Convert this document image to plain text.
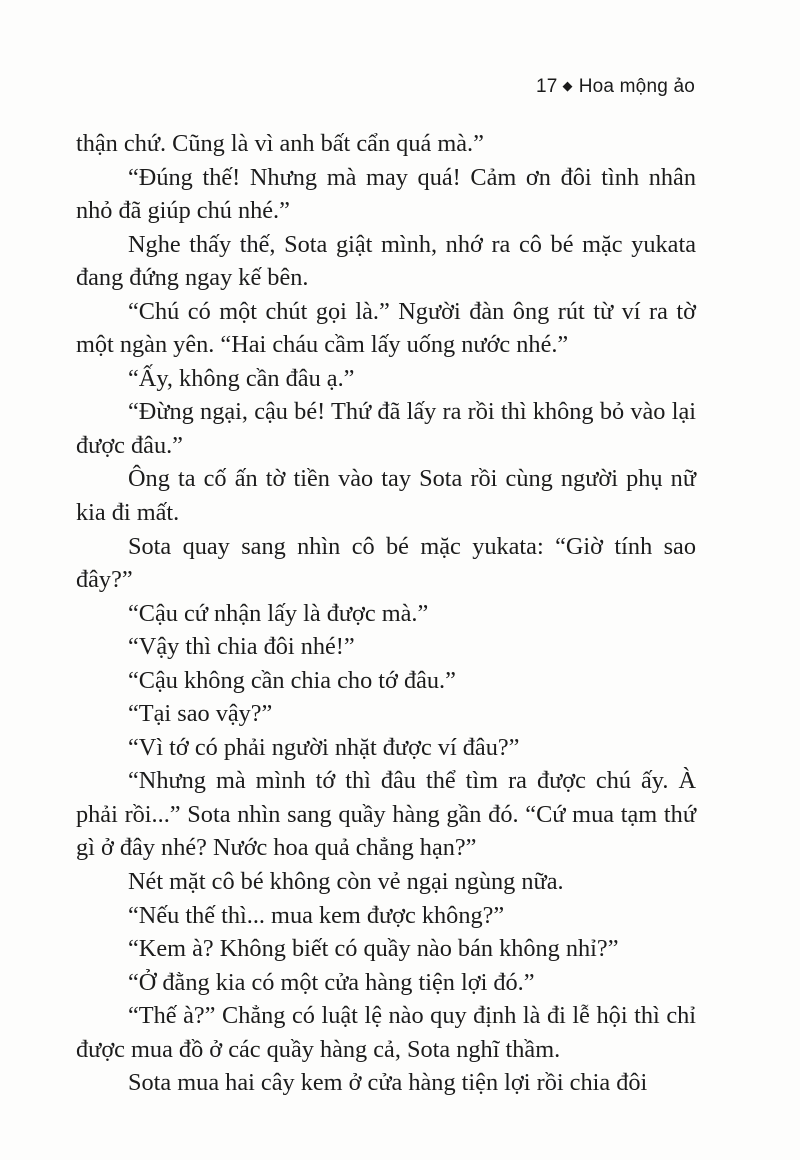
17 ◆ Hoa mộng ảo

thận chứ. Cũng là vì anh bất cẩn quá mà.”

“Đúng thế! Nhưng mà may quá! Cảm ơn đôi tình nhân nhỏ đã giúp chú nhé.”

Nghe thấy thế, Sota giật mình, nhớ ra cô bé mặc yukata đang đứng ngay kế bên.

“Chú có một chút gọi là.” Người đàn ông rút từ ví ra tờ một ngàn yên. “Hai cháu cầm lấy uống nước nhé.”

“Ấy, không cần đâu ạ.”

“Đừng ngại, cậu bé! Thứ đã lấy ra rồi thì không bỏ vào lại được đâu.”

Ông ta cố ấn tờ tiền vào tay Sota rồi cùng người phụ nữ kia đi mất.

Sota quay sang nhìn cô bé mặc yukata: “Giờ tính sao đây?”

“Cậu cứ nhận lấy là được mà.”

“Vậy thì chia đôi nhé!”

“Cậu không cần chia cho tớ đâu.”

“Tại sao vậy?”

“Vì tớ có phải người nhặt được ví đâu?”

“Nhưng mà mình tớ thì đâu thể tìm ra được chú ấy. À phải rồi...” Sota nhìn sang quầy hàng gần đó. “Cứ mua tạm thứ gì ở đây nhé? Nước hoa quả chẳng hạn?”

Nét mặt cô bé không còn vẻ ngại ngùng nữa.

“Nếu thế thì... mua kem được không?”

“Kem à? Không biết có quầy nào bán không nhỉ?”

“Ở đằng kia có một cửa hàng tiện lợi đó.”

“Thế à?” Chẳng có luật lệ nào quy định là đi lễ hội thì chỉ được mua đồ ở các quầy hàng cả, Sota nghĩ thầm.

Sota mua hai cây kem ở cửa hàng tiện lợi rồi chia đôi
